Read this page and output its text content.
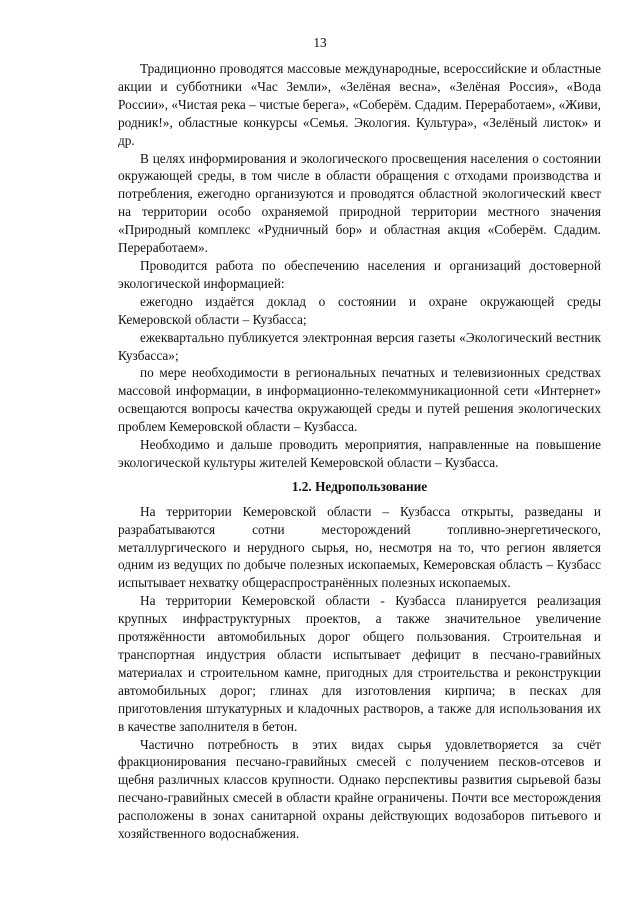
13

Традиционно проводятся массовые международные, всероссийские и областные акции и субботники «Час Земли», «Зелёная весна», «Зелёная Россия», «Вода России», «Чистая река – чистые берега», «Соберём. Сдадим. Переработаем», «Живи, родник!», областные конкурсы «Семья. Экология. Культура», «Зелёный листок» и др.

В целях информирования и экологического просвещения населения о состоянии окружающей среды, в том числе в области обращения с отходами производства и потребления, ежегодно организуются и проводятся областной экологический квест на территории особо охраняемой природной территории местного значения «Природный комплекс «Рудничный бор» и областная акция «Соберём. Сдадим. Переработаем».

Проводится работа по обеспечению населения и организаций достоверной экологической информацией:

ежегодно издаётся доклад о состоянии и охране окружающей среды Кемеровской области – Кузбасса;

ежеквартально публикуется электронная версия газеты «Экологический вестник Кузбасса»;

по мере необходимости в региональных печатных и телевизионных средствах массовой информации, в информационно-телекоммуникационной сети «Интернет» освещаются вопросы качества окружающей среды и путей решения экологических проблем Кемеровской области – Кузбасса.

Необходимо и дальше проводить мероприятия, направленные на повышение экологической культуры жителей Кемеровской области – Кузбасса.

1.2. Недропользование

На территории Кемеровской области – Кузбасса открыты, разведаны и разрабатываются сотни месторождений топливно-энергетического, металлургического и нерудного сырья, но, несмотря на то, что регион является одним из ведущих по добыче полезных ископаемых, Кемеровская область – Кузбасс испытывает нехватку общераспространённых полезных ископаемых.

На территории Кемеровской области - Кузбасса планируется реализация крупных инфраструктурных проектов, а также значительное увеличение протяжённости автомобильных дорог общего пользования. Строительная и транспортная индустрия области испытывает дефицит в песчано-гравийных материалах и строительном камне, пригодных для строительства и реконструкции автомобильных дорог; глинах для изготовления кирпича; в песках для приготовления штукатурных и кладочных растворов, а также для использования их в качестве заполнителя в бетон.

Частично потребность в этих видах сырья удовлетворяется за счёт фракционирования песчано-гравийных смесей с получением песков-отсевов и щебня различных классов крупности. Однако перспективы развития сырьевой базы песчано-гравийных смесей в области крайне ограничены. Почти все месторождения расположены в зонах санитарной охраны действующих водозаборов питьевого и хозяйственного водоснабжения.
